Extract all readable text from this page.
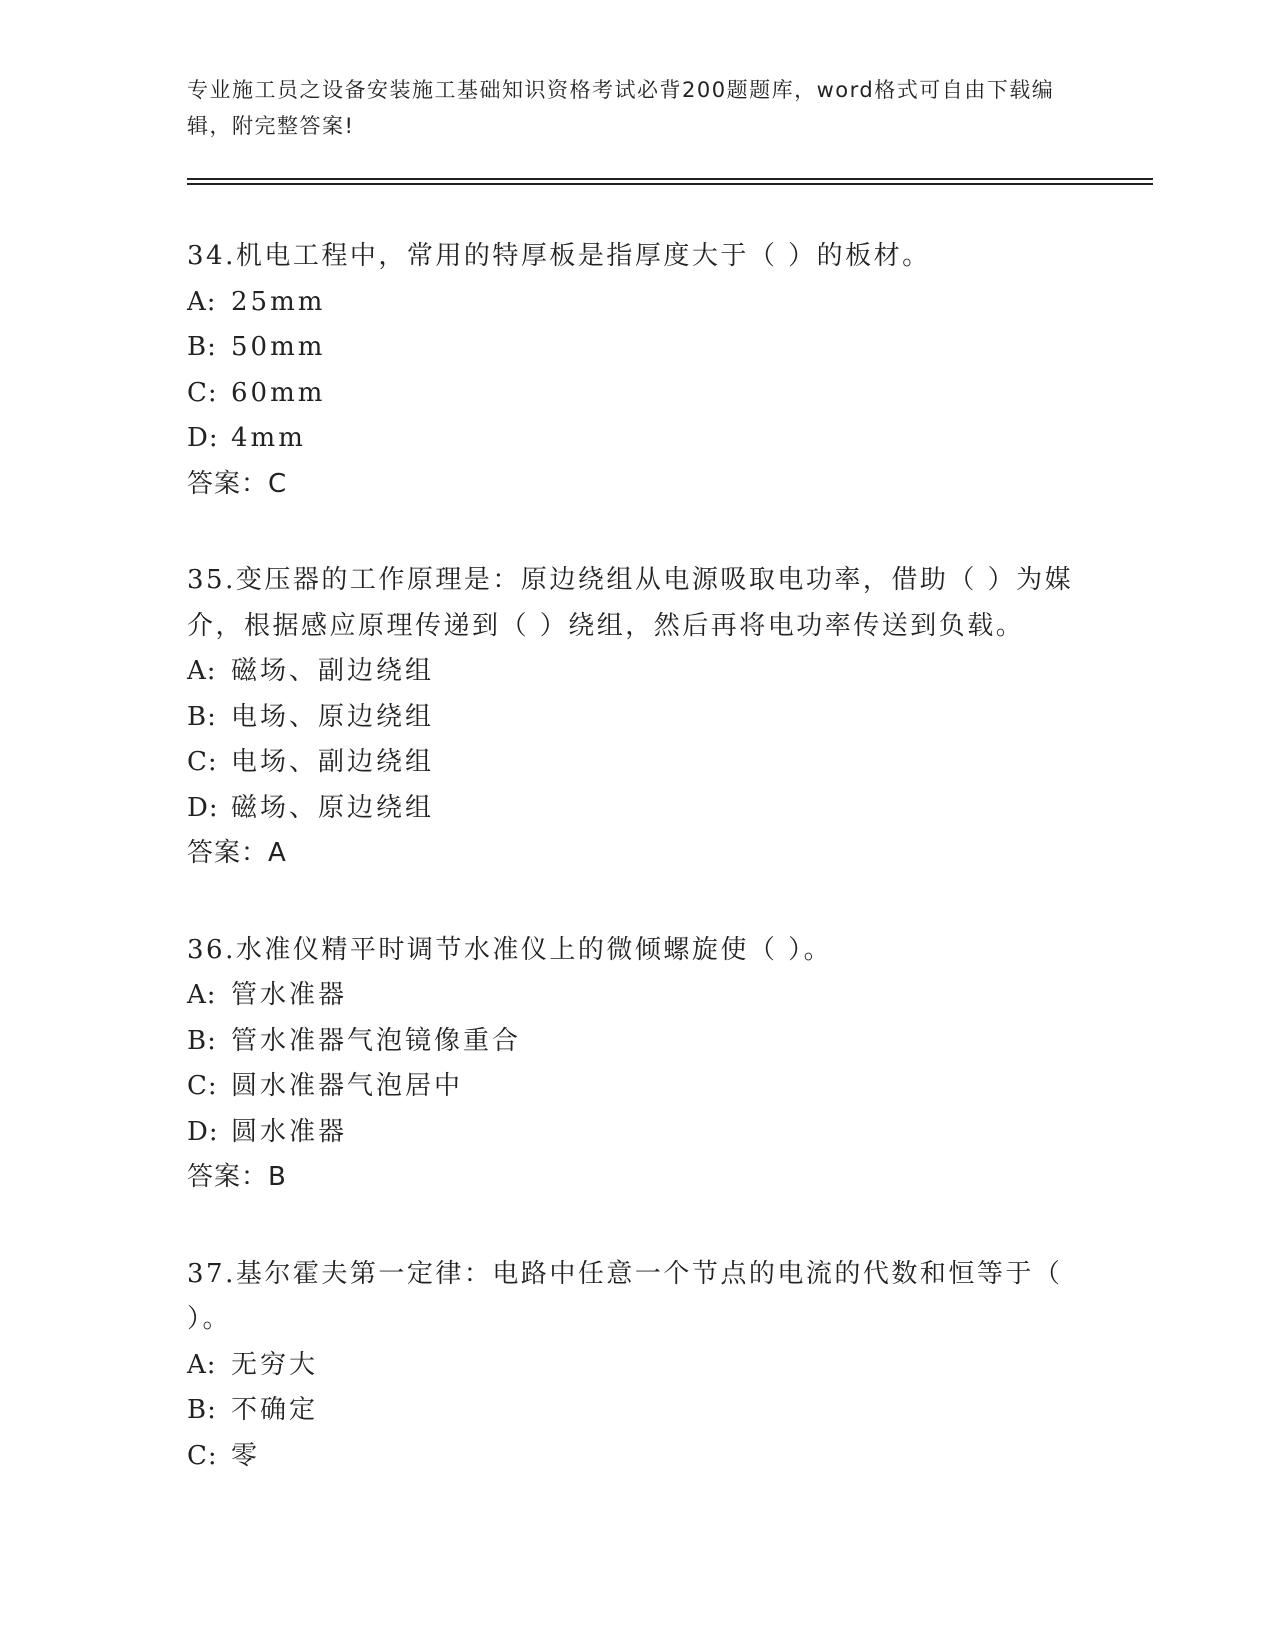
专业施工员之设备安装施工基础知识资格考试必背200题题库，word格式可自由下载编辑，附完整答案!

34.机电工程中，常用的特厚板是指厚度大于（ ）的板材。

A: 25mm

B: 50mm

C: 60mm

D: 4mm

答案：C

35.变压器的工作原理是：原边绕组从电源吸取电功率，借助（ ）为媒介，根据感应原理传递到（ ）绕组，然后再将电功率传送到负载。

A: 磁场、副边绕组

B: 电场、原边绕组

C: 电场、副边绕组

D: 磁场、原边绕组

答案：A

36.水准仪精平时调节水准仪上的微倾螺旋使（ ）。

A: 管水准器

B: 管水准器气泡镜像重合

C: 圆水准器气泡居中

D: 圆水准器

答案：B

37.基尔霍夫第一定律：电路中任意一个节点的电流的代数和恒等于（ ）。

A: 无穷大

B: 不确定

C: 零
